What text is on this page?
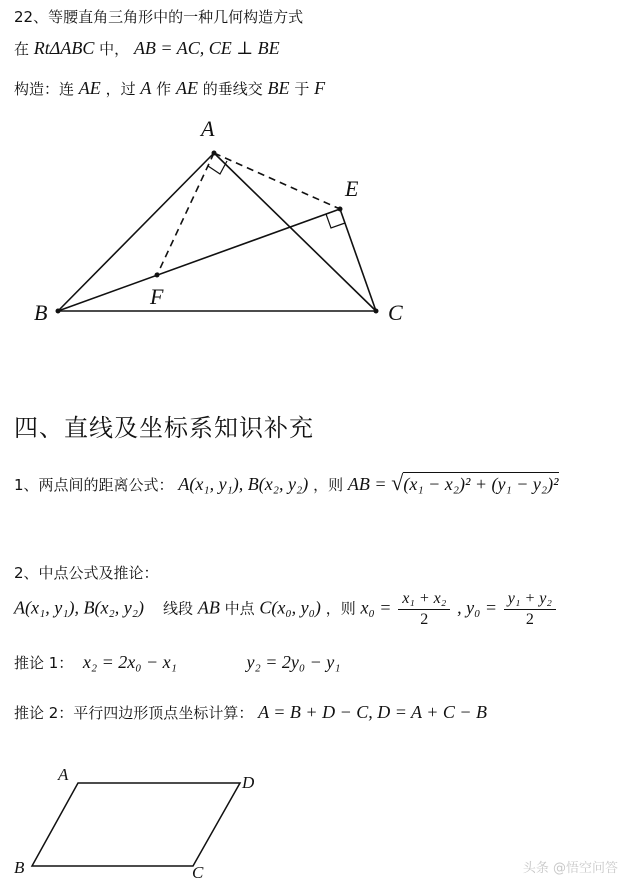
22、等腰直角三角形中的一种几何构造方式
在 RtΔABC 中， AB = AC, CE ⊥ BE
构造：连 AE ，过 A 作 AE 的垂线交 BE 于 F
A
E
B
F
C
A	D
B	C
四、直线及坐标系知识补充
1、两点间的距离公式： A(x₁, y₁), B(x₂, y₂) ，则 AB = √(x₁ − x₂)² + (y₁ − y₂)²
2、中点公式及推论：
A(x₁, y₁), B(x₂, y₂) 线段 AB 中点 C(x₀, y₀) ，则 $x_0 = \frac{\text{x₁ + x₂}}{2}$ , $y_0 = \frac{\text{y₁ + y₂}}{2}$
推论 1： x₂ = 2x₀ − x₁	y₂ = 2y₀ − y₁
推论 2：平行四边形顶点坐标计算： A = B + D − C, D = A + C − B
头条 @悟空问答
